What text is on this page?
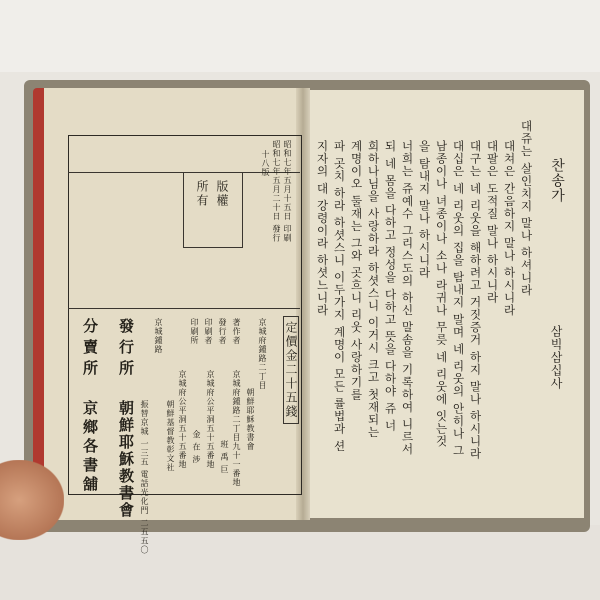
版權
所有	昭和七年五月十五日 印刷
昭和七年五月二十日 發行
十八版
定價金二十五錢
著作者 京城府鍾路二丁目
朝鮮耶穌教書會
發行者
京城府鍾路二丁目九十一番地
班 禹 巨
印刷者
京城府公平洞五十五番地
金 在 涉
印刷所
京城府公平洞五十五番地
朝鮮基督教彰文社
發行所 京城鍾路
朝鮮耶穌教書會 振替京城 一三五 電話光化門 二五五〇
分賣所
京鄉各書舖
찬송가
삼빅삼십사
대쥬는 살인치지 말나 하셔니라
대쳐은 간음하지 말나 하시니라
대팔은 도적질 말나 하시니라
대구는 네 리웃을 해하려고 거짓증거 하지 말나 하시니라
대십은 네 리웃의 집을 탐내지 말며 네 리웃의 안히나 그
남종이나 녀종이나 소나 라귀나 무릇 네 리웃에 잇는것
을 탐내지 말나 하시니라
너희는 쥬예수 그리스도의 하신 말솜을 기록하여 니르서
되 네 몸을 다하고 정성을 다하고 뜻을 다하야 쥬 너
희하나님을 사랑하라 하셧스니 이거시 크고 첫재되는
계명이오 둘재는 그와 곳흐니 리웃 사랑하기를
파 곳치 하라 하셧스니 이두가지 계명이 모든 률법과 션
지자의 대 강령이라 하셧느니라
